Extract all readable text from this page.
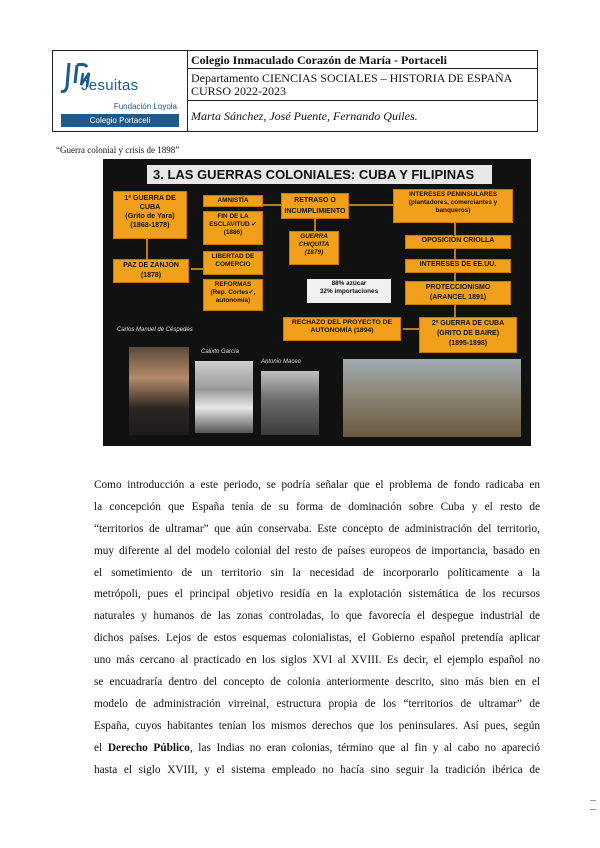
Jesuitas
Fundación Loyola
Colegio Portaceli
Colegio Inmaculado Corazón de María - Portaceli
Departamento CIENCIAS SOCIALES – HISTORIA DE ESPAÑA
CURSO 2022-2023
Marta Sánchez, José Puente, Fernando Quiles.
“Guerra colonial y crisis de 1898”
3. LAS GUERRAS COLONIALES: CUBA Y FILIPINAS
1ª GUERRA DE CUBA
(Grito de Yara)
(1868-1878)
PAZ DE ZANJÓN
(1878)
AMNISTÍA
FIN DE LA ESCLAVITUD ✔
(1886)
LIBERTAD DE COMERCIO
REFORMAS
(Rep. Cortes✔, autonomía)
RETRASO O INCUMPLIMIENTO
GUERRA CHIQUITA
(1879)
88% azúcar
32% importaciones
RECHAZO DEL PROYECTO DE AUTONOMÍA (1894)
INTERESES PENINSULARES
(plantadores, comerciantes y banqueros)
OPOSICIÓN CRIOLLA
INTERESES DE EE.UU.
PROTECCIONISMO
(ARANCEL 1891)
2ª GUERRA DE CUBA
(GRITO DE BAIRE)
(1895-1898)
Carlos Manuel de Céspedes
Calixto García
Antonio Maceo
Como introducción a este periodo, se podría señalar que el problema de fondo radicaba en
la concepción que España tenía de su forma de dominación sobre Cuba y el resto de
“territorios de ultramar” que aún conservaba. Este concepto de administración del territorio,
muy diferente al del modelo colonial del resto de países europeos de importancia, basado en
el sometimiento de un territorio sin la necesidad de incorporarlo políticamente a la
metrópoli, pues el principal objetivo residía en la explotación sistemática de los recursos
naturales y humanos de las zonas controladas, lo que favorecía el despegue industrial de
dichos países. Lejos de estos esquemas colonialistas, el Gobierno español pretendía aplicar
uno más cercano al practicado en los siglos XVI al XVIII. Es decir, el ejemplo español no
se encuadraría dentro del concepto de colonia anteriormente descrito, sino más bien en el
modelo de administración virreinal, estructura propia de los “territorios de ultramar” de
España, cuyos habitantes tenían los mismos derechos que los peninsulares. Así pues, según
el Derecho Público, las Indias no eran colonias, término que al fin y al cabo no apareció
hasta el siglo XVIII, y el sistema empleado no hacía sino seguir la tradición ibérica de
